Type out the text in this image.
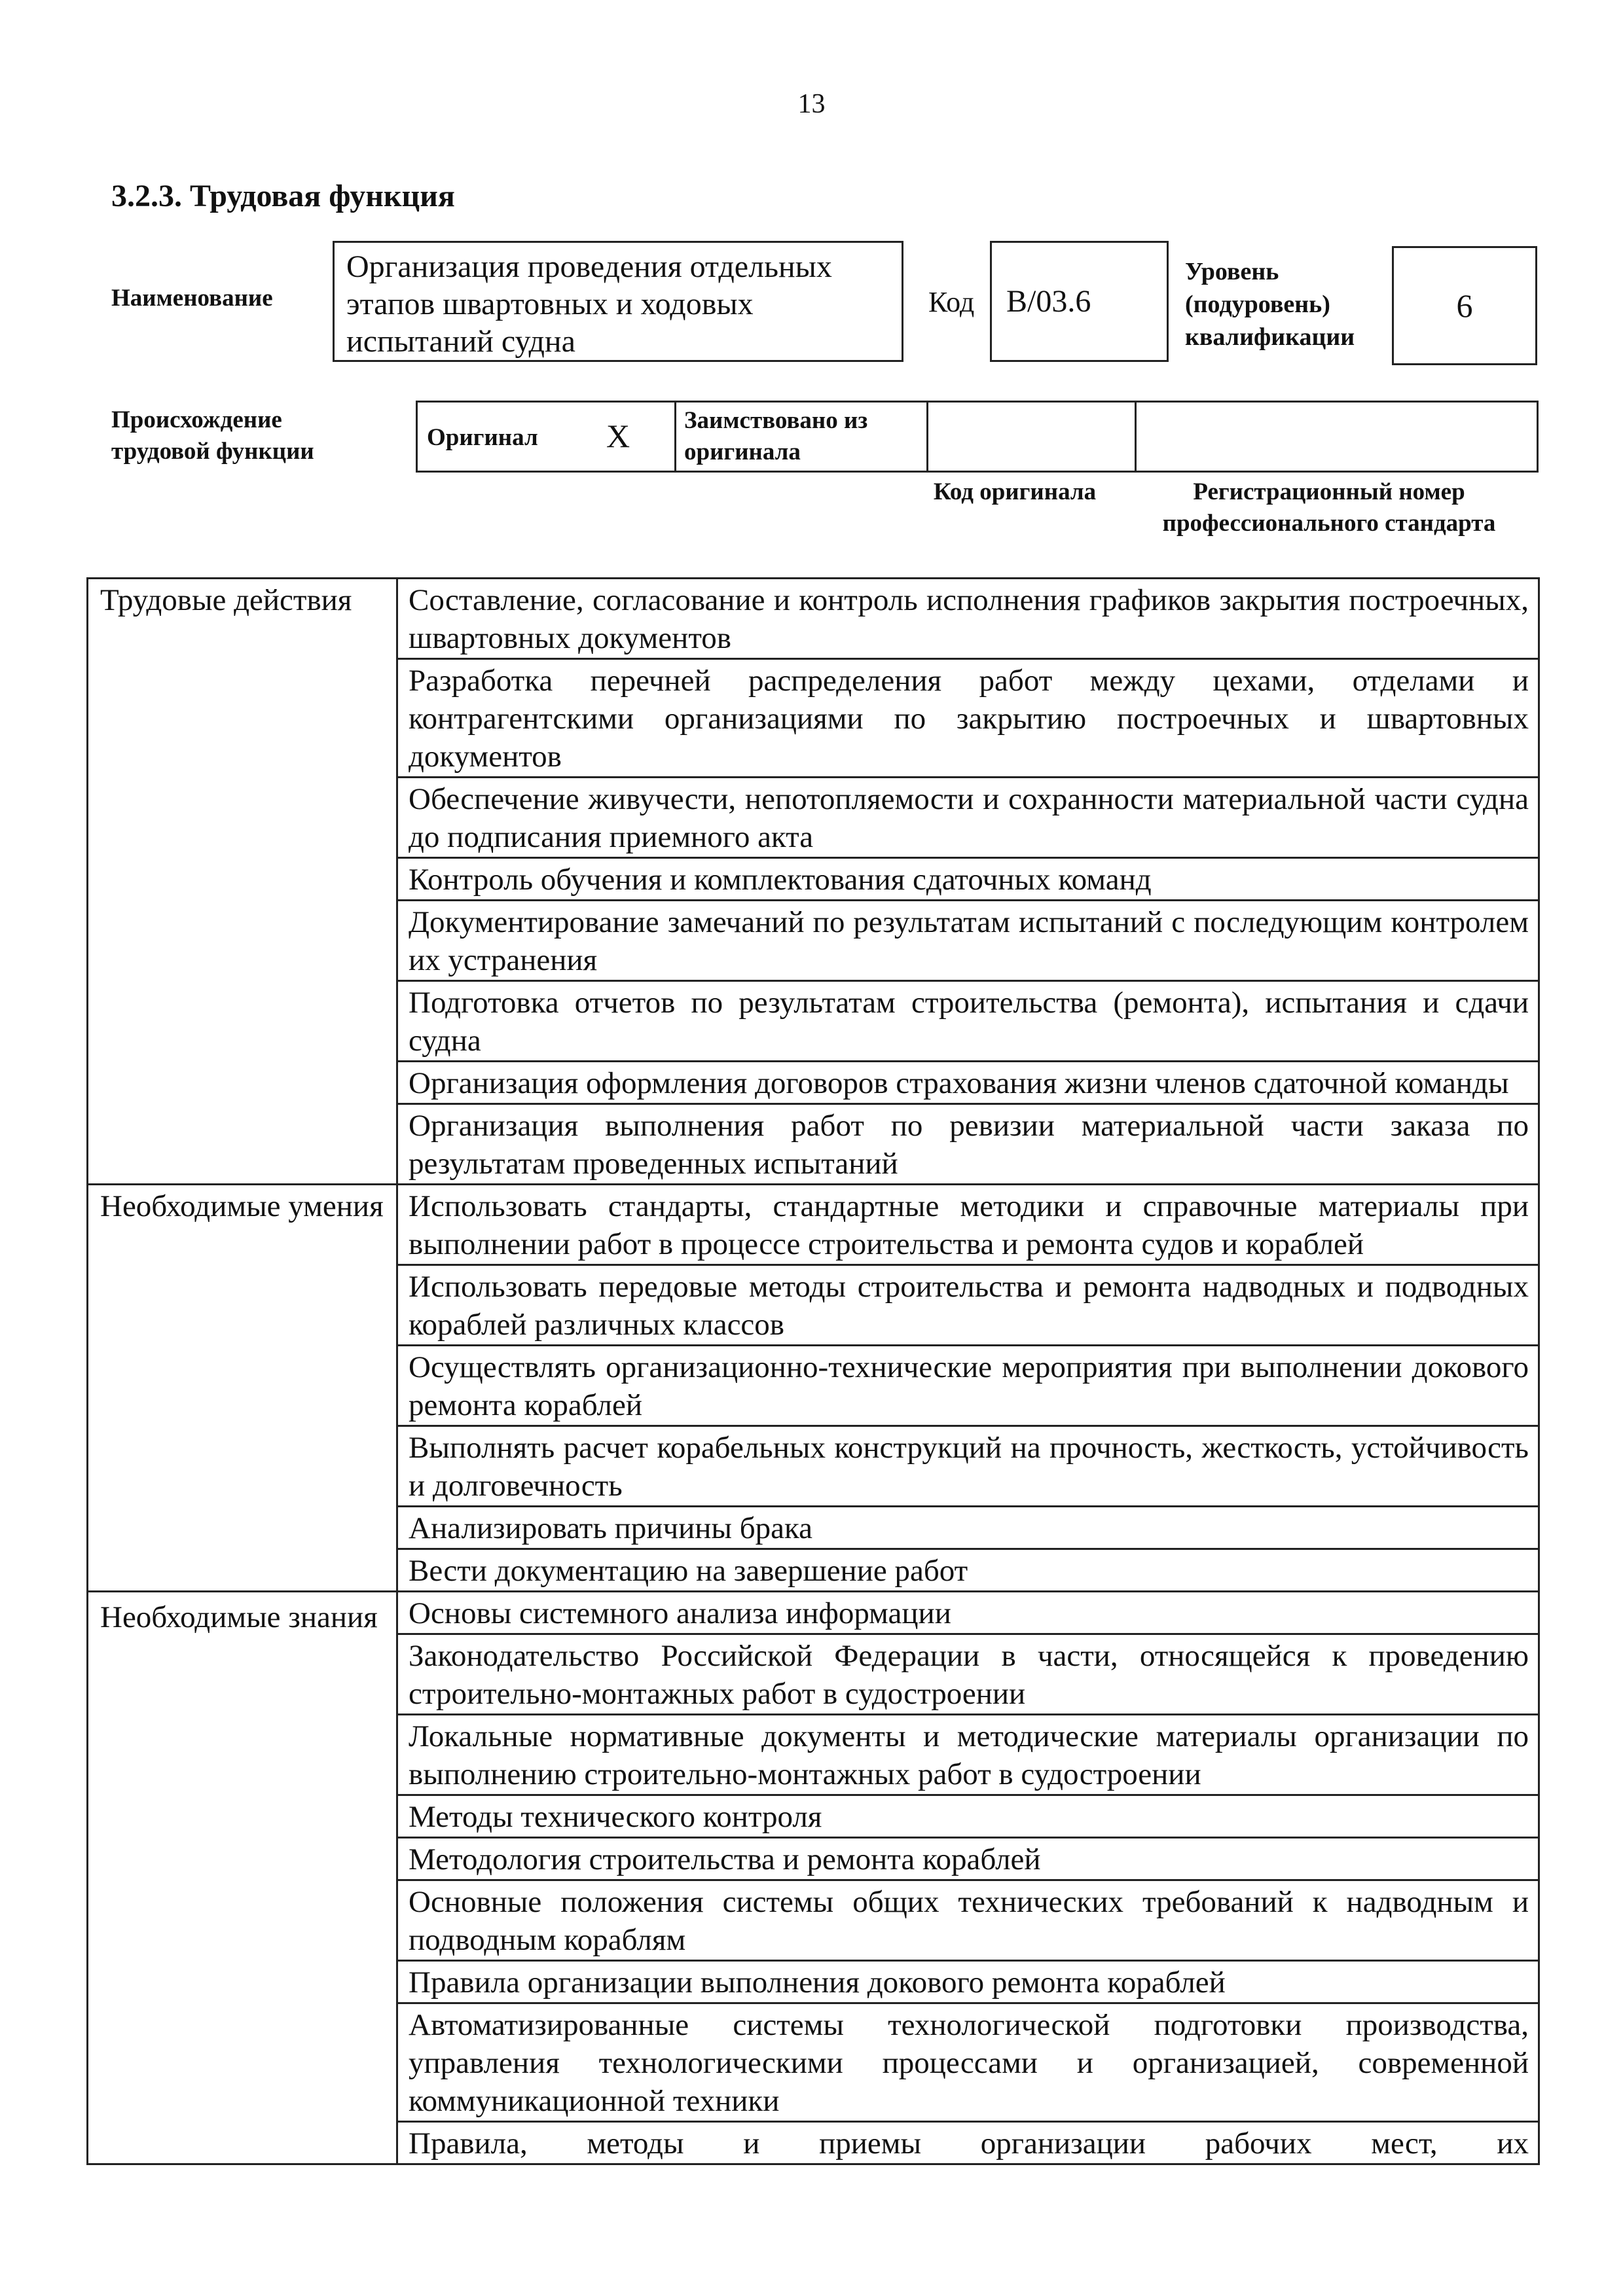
13
3.2.3. Трудовая функция
Наименование
Организация проведения отдельных этапов швартовных и ходовых испытаний судна
Код	B/03.6
Уровень (подуровень) квалификации
6
Происхождение трудовой функции
Оригинал X Заимствовано из оригинала
Код оригинала	Регистрационный номер профессионального стандарта
Трудовые действия	Составление, согласование и контроль исполнения графиков закрытия построечных, швартовных документов
	Разработка перечней распределения работ между цехами, отделами и контрагентскими организациями по закрытию построечных и швартовных документов
	Обеспечение живучести, непотопляемости и сохранности материальной части судна до подписания приемного акта
	Контроль обучения и комплектования сдаточных команд
	Документирование замечаний по результатам испытаний с последующим контролем их устранения
	Подготовка отчетов по результатам строительства (ремонта), испытания и сдачи судна
	Организация оформления договоров страхования жизни членов сдаточной команды
	Организация выполнения работ по ревизии материальной части заказа по результатам проведенных испытаний
Необходимые умения	Использовать стандарты, стандартные методики и справочные материалы при выполнении работ в процессе строительства и ремонта судов и кораблей
	Использовать передовые методы строительства и ремонта надводных и подводных кораблей различных классов
	Осуществлять организационно-технические мероприятия при выполнении докового ремонта кораблей
	Выполнять расчет корабельных конструкций на прочность, жесткость, устойчивость и долговечность
	Анализировать причины брака
	Вести документацию на завершение работ
Необходимые знания	Основы системного анализа информации
	Законодательство Российской Федерации в части, относящейся к проведению строительно-монтажных работ в судостроении
	Локальные нормативные документы и методические материалы организации по выполнению строительно-монтажных работ в судостроении
	Методы технического контроля
	Методология строительства и ремонта кораблей
	Основные положения системы общих технических требований к надводным и подводным кораблям
	Правила организации выполнения докового ремонта кораблей
	Автоматизированные системы технологической подготовки производства, управления технологическими процессами и организацией, современной коммуникационной техники
	Правила, методы и приемы организации рабочих мест, их
